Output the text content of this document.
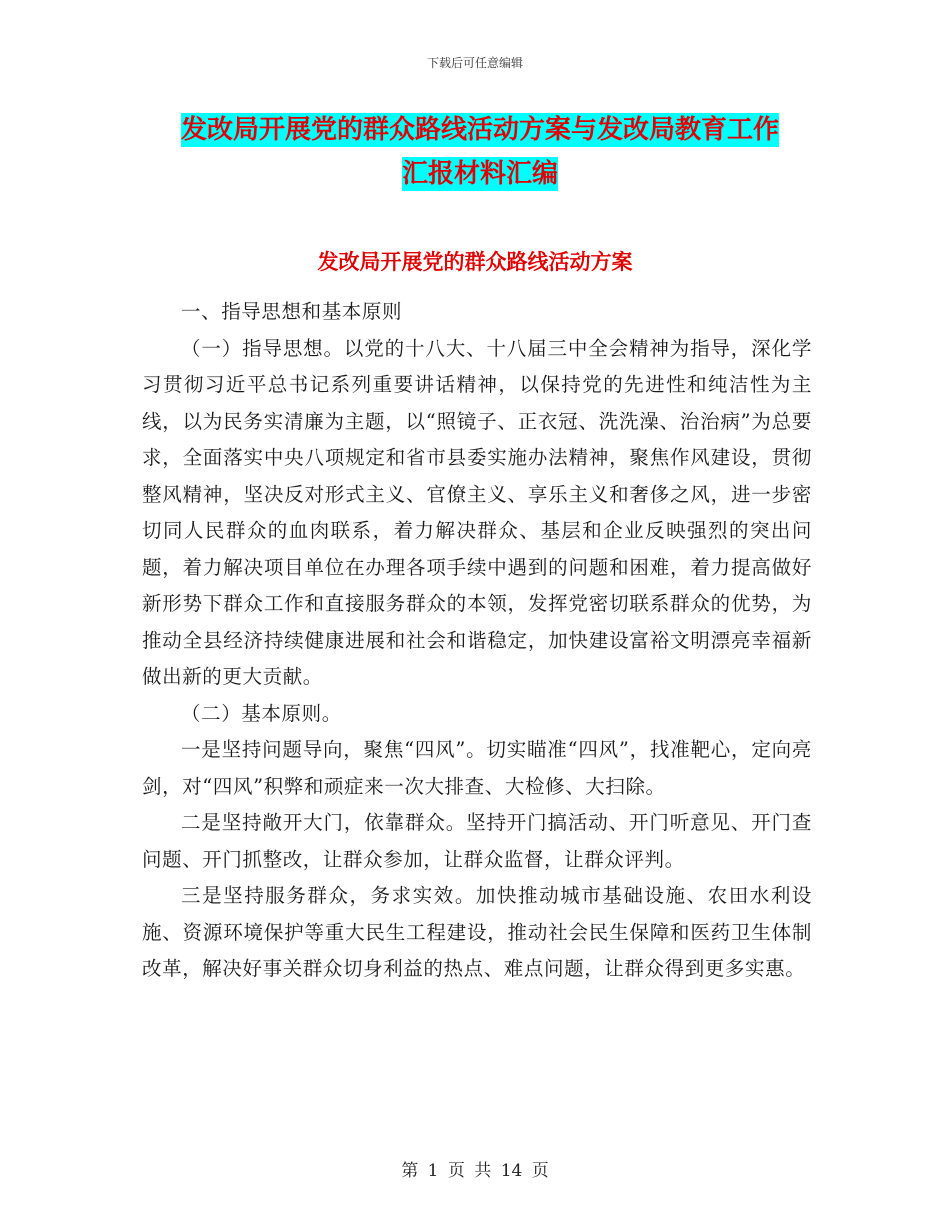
下载后可任意编辑
发改局开展党的群众路线活动方案与发改局教育工作
汇报材料汇编
发改局开展党的群众路线活动方案

一、指导思想和基本原则

（一）指导思想。以党的十八大、十八届三中全会精神为指导，深化学习贯彻习近平总书记系列重要讲话精神，以保持党的先进性和纯洁性为主线，以为民务实清廉为主题，以“照镜子、正衣冠、洗洗澡、治治病”为总要求，全面落实中央八项规定和省市县委实施办法精神，聚焦作风建设，贯彻整风精神，坚决反对形式主义、官僚主义、享乐主义和奢侈之风，进一步密切同人民群众的血肉联系，着力解决群众、基层和企业反映强烈的突出问题，着力解决项目单位在办理各项手续中遇到的问题和困难，着力提高做好新形势下群众工作和直接服务群众的本领，发挥党密切联系群众的优势，为推动全县经济持续健康进展和社会和谐稳定，加快建设富裕文明漂亮幸福新做出新的更大贡献。

（二）基本原则。

一是坚持问题导向，聚焦“四风”。切实瞄准“四风”，找准靶心，定向亮剑，对“四风”积弊和顽症来一次大排查、大检修、大扫除。

二是坚持敞开大门，依靠群众。坚持开门搞活动、开门听意见、开门查问题、开门抓整改，让群众参加，让群众监督，让群众评判。

三是坚持服务群众，务求实效。加快推动城市基础设施、农田水利设施、资源环境保护等重大民生工程建设，推动社会民生保障和医药卫生体制改革，解决好事关群众切身利益的热点、难点问题，让群众得到更多实惠。

第 1 页 共 14 页
